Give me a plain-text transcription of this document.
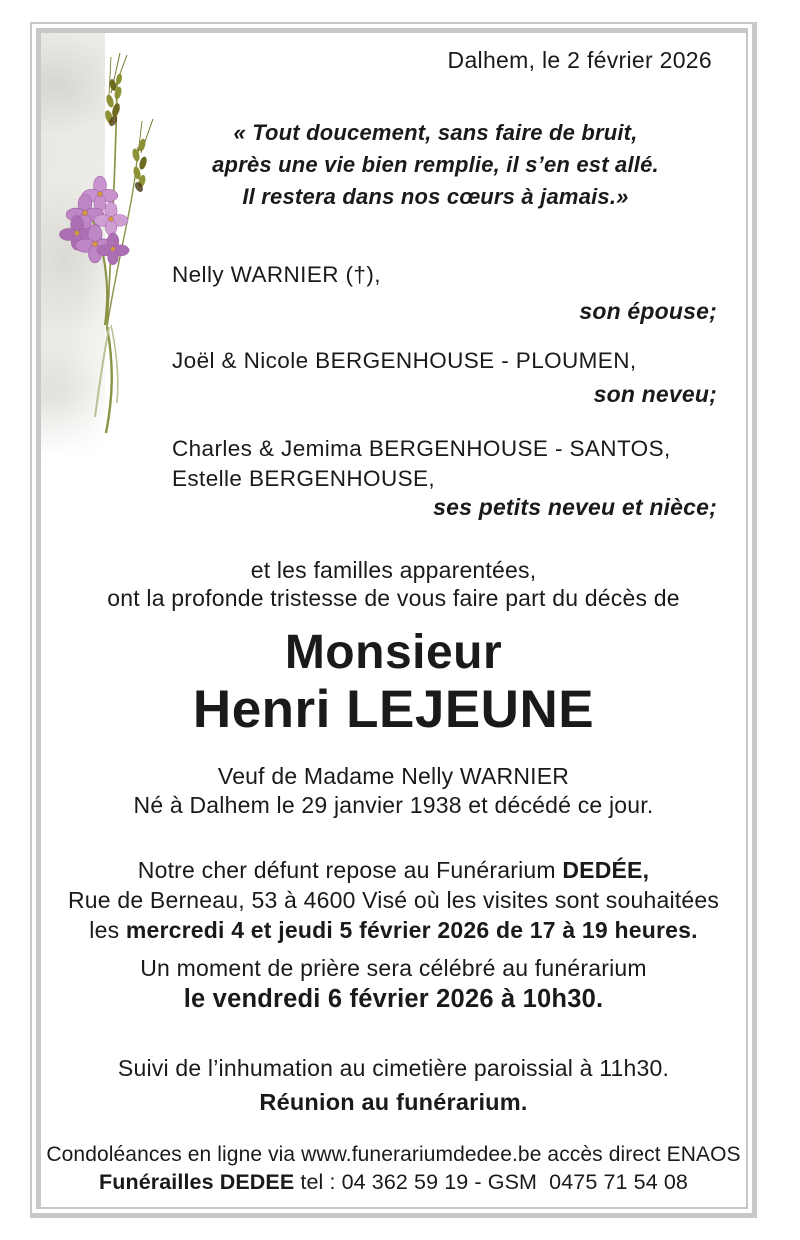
Dalhem, le 2 février 2026
« Tout doucement, sans faire de bruit,
après une vie bien remplie, il s’en est allé.
Il restera dans nos cœurs à jamais.»
Nelly WARNIER (†),
son épouse;
Joël & Nicole BERGENHOUSE - PLOUMEN,
son neveu;
Charles & Jemima BERGENHOUSE - SANTOS,
Estelle BERGENHOUSE,
ses petits neveu et nièce;
et les familles apparentées,
ont la profonde tristesse de vous faire part du décès de
Monsieur
Henri LEJEUNE
Veuf de Madame Nelly WARNIER
Né à Dalhem le 29 janvier 1938 et décédé ce jour.
Notre cher défunt repose au Funérarium DEDÉE,
Rue de Berneau, 53 à 4600 Visé où les visites sont souhaitées
les mercredi 4 et jeudi 5 février 2026 de 17 à 19 heures.
Un moment de prière sera célébré au funérarium
le vendredi 6 février 2026 à 10h30.
Suivi de l’inhumation au cimetière paroissial à 11h30.
Réunion au funérarium.
Condoléances en ligne via www.funerariumdedee.be accès direct ENAOS
Funérailles DEDEE tel : 04 362 59 19 - GSM  0475 71 54 08
